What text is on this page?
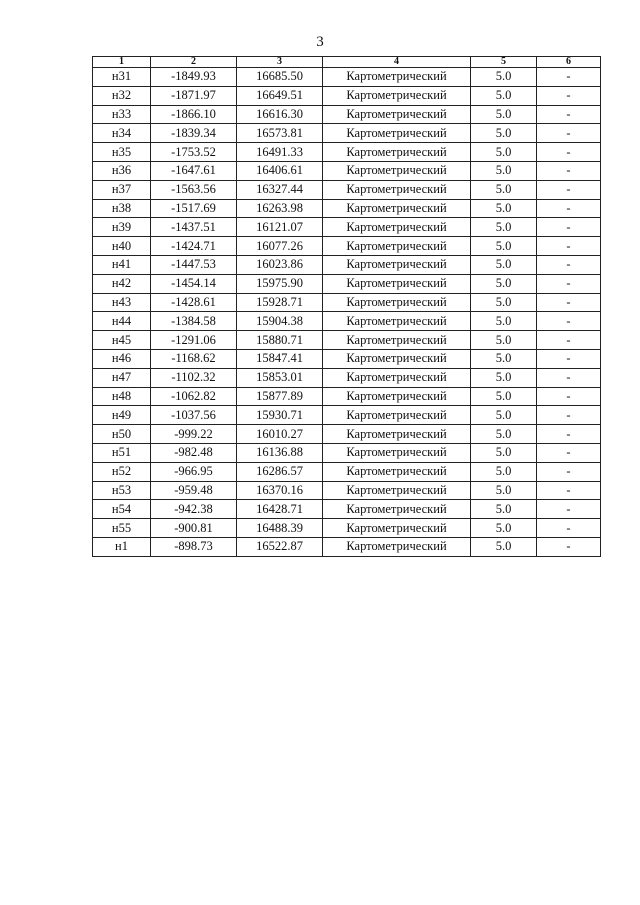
3
1	2	3	4	5	6
н31	-1849.93	16685.50	Картометрический	5.0	-
н32	-1871.97	16649.51	Картометрический	5.0	-
н33	-1866.10	16616.30	Картометрический	5.0	-
н34	-1839.34	16573.81	Картометрический	5.0	-
н35	-1753.52	16491.33	Картометрический	5.0	-
н36	-1647.61	16406.61	Картометрический	5.0	-
н37	-1563.56	16327.44	Картометрический	5.0	-
н38	-1517.69	16263.98	Картометрический	5.0	-
н39	-1437.51	16121.07	Картометрический	5.0	-
н40	-1424.71	16077.26	Картометрический	5.0	-
н41	-1447.53	16023.86	Картометрический	5.0	-
н42	-1454.14	15975.90	Картометрический	5.0	-
н43	-1428.61	15928.71	Картометрический	5.0	-
н44	-1384.58	15904.38	Картометрический	5.0	-
н45	-1291.06	15880.71	Картометрический	5.0	-
н46	-1168.62	15847.41	Картометрический	5.0	-
н47	-1102.32	15853.01	Картометрический	5.0	-
н48	-1062.82	15877.89	Картометрический	5.0	-
н49	-1037.56	15930.71	Картометрический	5.0	-
н50	-999.22	16010.27	Картометрический	5.0	-
н51	-982.48	16136.88	Картометрический	5.0	-
н52	-966.95	16286.57	Картометрический	5.0	-
н53	-959.48	16370.16	Картометрический	5.0	-
н54	-942.38	16428.71	Картометрический	5.0	-
н55	-900.81	16488.39	Картометрический	5.0	-
н1	-898.73	16522.87	Картометрический	5.0	-
